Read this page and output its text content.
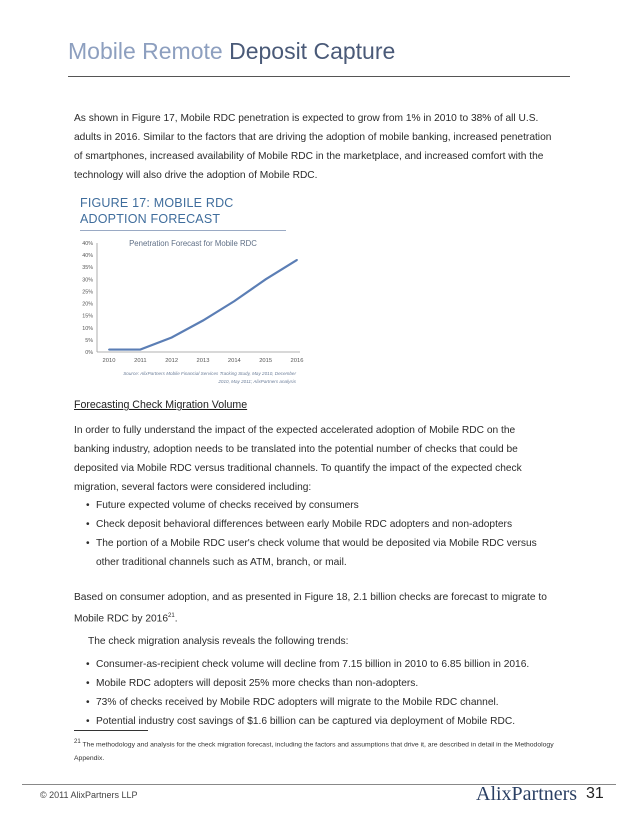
Mobile Remote Deposit Capture

As shown in Figure 17, Mobile RDC penetration is expected to grow from 1% in 2010 to 38% of all U.S. adults in 2016. Similar to the factors that are driving the adoption of mobile banking, increased penetration of smartphones, increased availability of Mobile RDC in the marketplace, and increased comfort with the technology will also drive the adoption of Mobile RDC.

FIGURE 17: MOBILE RDC ADOPTION FORECAST
Penetration Forecast for Mobile RDC
0%
5%
10%
15%
20%
25%
30%
35%
40%
40%
2010	2011	2012	2013	2014	2015	2016
Source: AlixPartners Mobile Financial Services Tracking Study, May 2010, December 2010, May 2011; AlixPartners analysis
Forecasting Check Migration Volume

In order to fully understand the impact of the expected accelerated adoption of Mobile RDC on the banking industry, adoption needs to be translated into the potential number of checks that could be deposited via Mobile RDC versus traditional channels. To quantify the impact of the expected check migration, several factors were considered including:

• Future expected volume of checks received by consumers
• Check deposit behavioral differences between early Mobile RDC adopters and non-adopters
• The portion of a Mobile RDC user's check volume that would be deposited via Mobile RDC versus other traditional channels such as ATM, branch, or mail.

Based on consumer adoption, and as presented in Figure 18, 2.1 billion checks are forecast to migrate to Mobile RDC by 2016$^{21}$.

The check migration analysis reveals the following trends:
• Consumer-as-recipient check volume will decline from 7.15 billion in 2010 to 6.85 billion in 2016.
• Mobile RDC adopters will deposit 25% more checks than non-adopters.
• 73% of checks received by Mobile RDC adopters will migrate to the Mobile RDC channel.
• Potential industry cost savings of $1.6 billion can be captured via deployment of Mobile RDC.
$^{21}$ The methodology and analysis for the check migration forecast, including the factors and assumptions that drive it, are described in detail in the Methodology Appendix.
© 2011 AlixPartners LLP	AlixPartners 31
